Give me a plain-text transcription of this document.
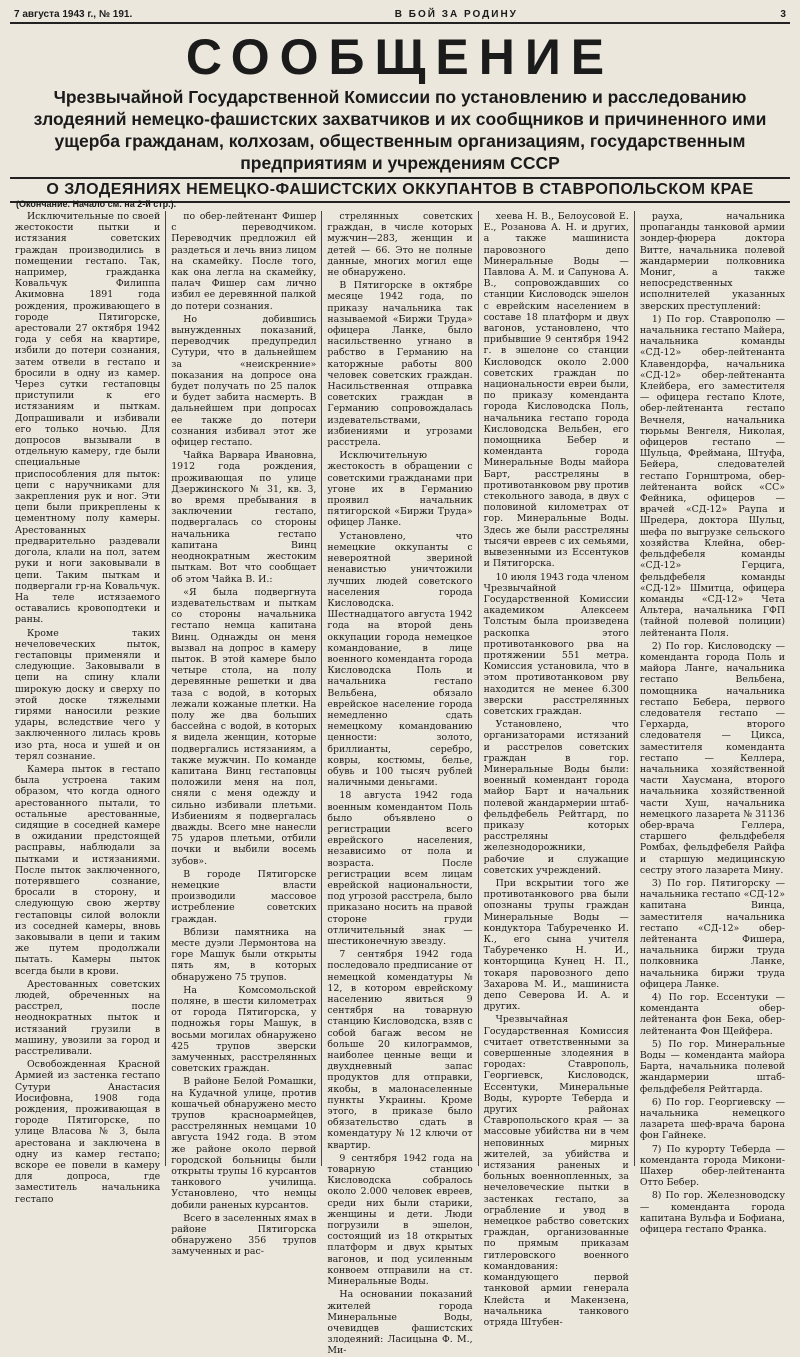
7 августа 1943 г., № 191.	В БОЙ ЗА РОДИНУ	3
СООБЩЕНИЕ
Чрезвычайной Государственной Комиссии по установлению и расследованию злодеяний немецко-фашистских захватчиков и их сообщников и причиненного ими ущерба гражданам, колхозам, общественным организациям, государственным предприятиям и учреждениям СССР
О ЗЛОДЕЯНИЯХ НЕМЕЦКО-ФАШИСТСКИХ ОККУПАНТОВ В СТАВРОПОЛЬСКОМ КРАЕ
(Окончание. Начало см. на 2-й стр.).

Исключительные по своей жестокости пытки и истязания советских граждан производились в помещении гестапо. Так, например, гражданка Ковальчук Филиппа Акимовна 1891 года рождения, проживающего в городе Пятигорске, арестовали 27 октября 1942 года у себя на квартире, избили до потери сознания, затем отвели в гестапо и бросили в одну из камер. Через сутки гестаповцы приступили к его истязаниям и пыткам. Допрашивали и избивали его только ночью. Для допросов вызывали в отдельную камеру, где были специальные приспособления для пыток: цепи с наручниками для закрепления рук и ног. Эти цепи были прикреплены к цементному полу камеры. Арестованных предварительно раздевали догола, клали на пол, затем руки и ноги заковывали в цепи. Таким пыткам и подвергали гр-на Ковальчук. На теле истязаемого оставались кровоподтеки и раны.

Кроме таких нечеловеческих пыток, гестаповцы применяли и следующие. Заковывали в цепи на спину клали широкую доску и сверху по этой доске тяжелыми гирями наносили резкие удары, вследствие чего у заключенного лилась кровь изо рта, носа и ушей и он терял сознание.

Камера пыток в гестапо была устроена таким образом, что когда одного арестованного пытали, то остальные арестованные, сидящие в соседней камере в ожидании предстоящей расправы, наблюдали за пытками и истязаниями. После пыток заключенного, потерявшего сознание, бросали в сторону, и следующую свою жертву гестаповцы силой волокли из соседней камеры, вновь заковывали в цепи и таким же путем продолжали пытать. Камеры пыток всегда были в крови.

Арестованных советских людей, обреченных на расстрел, после неоднократных пыток и истязаний грузили в машину, увозили за город и расстреливали.

Освобожденная Красной Армией из застенка гестапо Сутури Анастасия Иосифовна, 1908 года рождения, проживающая в городе Пятигорске, по улице Власова № 3, была арестована и заключена в одну из камер гестапо; вскоре ее повели в камеру для допроса, где заместитель начальника гестапо

по обер-лейтенант Фишер с переводчиком. Переводчик предложил ей раздеться и лечь вниз лицом на скамейку. После того, как она легла на скамейку, палач Фишер сам лично избил ее деревянной палкой до потери сознания.

Но добившись вынужденных показаний, переводчик предупредил Сутури, что в дальнейшем за «неискренние» показания на допросе она будет получать по 25 палок и будет забита насмерть. В дальнейшем при допросах ее также до потери сознания избивал этот же офицер гестапо.

Чайка Варвара Ивановна, 1912 года рождения, проживающая по улице Дзержинского № 31, кв. 3, во время пребывания в заключении гестапо, подвергалась со стороны начальника гестапо капитана Винц неоднократным жестоким пыткам. Вот что сообщает об этом Чайка В. И.:

«Я была подвергнута издевательствам и пыткам со стороны начальника гестапо немца капитана Винц. Однажды он меня вызвал на допрос в камеру пыток. В этой камере было четыре стола, на полу деревянные решетки и два таза с водой, в которых лежали кожаные плетки. На полу же два больших бассейна с водой, в которых я видела женщин, которые подвергались истязаниям, а также мужчин. По команде капитана Винц гестаповцы положили меня на пол, сняли с меня одежду и сильно избивали плетьми. Избиениям я подвергалась дважды. Всего мне нанесли 75 ударов плетьми, отбили почки и выбили восемь зубов».

В городе Пятигорске немецкие власти производили массовое истребление советских граждан.

Вблизи памятника на месте дуэли Лермонтова на горе Машук были открыты пять ям, в которых обнаружено 75 трупов.

На Комсомольской поляне, в шести километрах от города Пятигорска, у подножья горы Машук, в восьми могилах обнаружено 425 трупов зверски замученных, расстрелянных советских граждан.

В районе Белой Ромашки, на Кудачной улице, против кошачьей обнаружено место трупов красноармейцев, расстрелянных немцами 10 августа 1942 года. В этом же районе около первой городской больницы были открыты трупы 16 курсантов танкового училища. Установлено, что немцы добили раненых курсантов.

Всего в заселенных ямах в районе Пятигорска обнаружено 356 трупов замученных и рас-

стрелянных советских граждан, в числе которых мужчин—283, женщин и детей — 66. Это не полные данные, многих могил еще не обнаружено.

В Пятигорске в октябре месяце 1942 года, по приказу начальника так называемой «Биржи Труда» офицера Ланке, было насильственно угнано в рабство в Германию на каторжные работы 800 человек советских граждан. Насильственная отправка советских граждан в Германию сопровождалась издевательствами, избиениями и угрозами расстрела.

Исключительную жестокость в обращении с советскими гражданами при угоне их в Германию проявил начальник пятигорской «Биржи Труда» офицер Ланке.

Установлено, что немецкие оккупанты с невероятной звериной ненавистью уничтожили лучших людей советского населения города Кисловодска. Шестнадцатого августа 1942 года на второй день оккупации города немецкое командование, в лице военного коменданта города Кисловодска Поль и начальника гестапо Вельбена, обязало еврейское население города немедленно сдать немецкому командованию ценности: золото, бриллианты, серебро, ковры, костюмы, белье, обувь и 100 тысяч рублей наличными деньгами.

18 августа 1942 года военным комендантом Поль было объявлено о регистрации всего еврейского населения, независимо от пола и возраста. После регистрации всем лицам еврейской национальности, под угрозой расстрела, было приказано носить на правой стороне груди отличительный знак — шестиконечную звезду.

7 сентября 1942 года последовало предписание от немецкой комендатуры № 12, в котором еврейскому населению явиться 9 сентября на товарную станцию Кисловодска, взяв с собой багаж весом не больше 20 килограммов, наиболее ценные вещи и двухдневный запас продуктов для отправки, якобы, в малонаселенные пункты Украины. Кроме этого, в приказе было обязательство сдать в комендатуру № 12 ключи от квартир.

9 сентября 1942 года на товарную станцию Кисловодска собралось около 2.000 человек евреев, среди них были старики, женщины и дети. Люди погрузили в эшелон, состоящий из 18 открытых платформ и двух крытых вагонов, и под усиленным конвоем отправили на ст. Минеральные Воды.

На основании показаний жителей города Минеральные Воды, очевидцев фашистских злодеяний: Ласицына Ф. М., Ми-

хеева Н. В., Белоусовой Е. Е., Розанова А. Н. и других, а также машиниста паровозного депо Минеральные Воды — Павлова А. М. и Сапунова А. В., сопровождавших со станции Кисловодск эшелон с еврейским населением в составе 18 платформ и двух вагонов, установлено, что прибывшие 9 сентября 1942 г. в эшелоне со станции Кисловодск около 2.000 советских граждан по национальности евреи были, по приказу коменданта города Кисловодска Поль, начальника гестапо города Кисловодска Вельбен, его помощника Бебер и коменданта города Минеральные Воды майора Барт, расстреляны в противотанковом рву против стекольного завода, в двух с половиной километрах от гор. Минеральные Воды. Здесь же были расстреляны тысячи евреев с их семьями, вывезенными из Ессентуков и Пятигорска.

10 июля 1943 года членом Чрезвычайной Государственной Комиссии академиком Алексеем Толстым была произведена раскопка этого противотанкового рва на протяжении 551 метра. Комиссия установила, что в этом противотанковом рву находится не менее 6.300 зверски расстрелянных советских граждан.

Установлено, что организаторами истязаний и расстрелов советских граждан в гор. Минеральные Воды были: военный комендант города майор Барт и начальник полевой жандармерии штаб-фельдфебель Рейтгард, по приказу которых расстреляны железнодорожники, рабочие и служащие советских учреждений.

При вскрытии того же противотанкового рва были опознаны трупы граждан Минеральные Воды — кондуктора Табуреченко И. К., его сына учителя Табуреченко Н. И., конторщица Кунец Н. П., токаря паровозного депо Захарова М. И., машиниста депо Северова И. А. и других.

Чрезвычайная Государственная Комиссия считает ответственными за совершенные злодеяния в городах: Ставрополь, Георгиевск, Кисловодск, Ессентуки, Минеральные Воды, курорте Теберда и других районах Ставропольского края — за массовые убийства ни в чем неповинных мирных жителей, за убийства и истязания раненых и больных военнопленных, за нечеловеческие пытки в застенках гестапо, за ограбление и увод в немецкое рабство советских граждан, организованные по прямым приказам гитлеровского военного командования: командующего первой танковой армии генерала Клейста и Макензена, начальника танкового отряда Штубен-

рауха, начальника пропаганды танковой армии зондер-фюрера доктора Витте, начальника полевой жандармерии полковника Мониг, а также непосредственных исполнителей указанных зверских преступлений:

1) По гор. Ставрополю — начальника гестапо Майера, начальника команды «СД-12» обер-лейтенанта Клавендорфа, начальника «СД-12» обер-лейтенанта Клейбера, его заместителя — офицера гестапо Клоте, обер-лейтенанта гестапо Вечнеля, начальника тюрьмы Венгеля, Николая, офицеров гестапо — Шульца, Фреймана, Штуфа, Бейера, следователей гестапо Горнштрома, обер-лейтенанта войск «СС» Фейника, офицеров — врачей «СД-12» Раупа и Шредера, доктора Шульц, шефа по выгрузке сельского хозяйства Клейна, обер-фельдфебеля команды «СД-12» Герцига, фельдфебеля команды «СД-12» Шмитца, офицера команды «СД-12» Чета Альтера, начальника ГФП (тайной полевой полиции) лейтенанта Поля.

2) По гор. Кисловодску — коменданта города Поль и майора Ланге, начальника гестапо Вельбена, помощника начальника гестапо Бебера, первого следователя гестапо — Герхарда, второго следователя — Цикса, заместителя коменданта гестапо — Келлера, начальника хозяйственной части Хаусмана, второго начальника хозяйственной части Хуш, начальника немецкого лазарета № 31136 обер-врача Геллера, старшего фельдфебеля Ромбах, фельдфебеля Райфа и старшую медицинскую сестру этого лазарета Мину.

3) По гор. Пятигорску — начальника гестапо «СД-12» капитана Винца, заместителя начальника гестапо «СД-12» обер-лейтенанта Фишера, начальника биржи труда полковника Ланке, начальника биржи труда офицера Ланке.

4) По гор. Ессентуки — коменданта обер-лейтенанта фон Бека, обер-лейтенанта Фон Щейфера.

5) По гор. Минеральные Воды — коменданта майора Барта, начальника полевой жандармерии штаб-фельдфебеля Рейтгарда.

6) По гор. Георгиевску — начальника немецкого лазарета шеф-врача барона фон Гайнеке.

7) По курорту Теберда — коменданта города Микони-Шахер обер-лейтенанта Отто Бебер.

8) По гор. Железноводску — коменданта города капитана Вульфа и Бофиана, офицера гестапо Франка.
